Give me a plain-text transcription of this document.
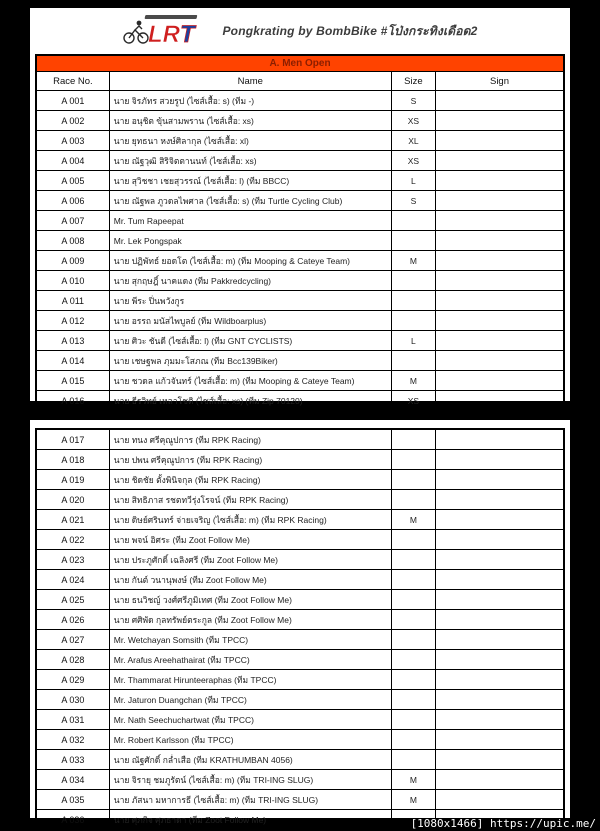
LR T Pongkrating by BombBike #โป่งกระทิงเดือด2
A. Men Open			
Race No.	Name	Size	Sign
A 001	นาย จิรภัทร สวยรูป (ไซส์เสื้อ: s) (ทีม -)	S	
A 002	นาย อนุชิต ขุ้นสามพราน (ไซส์เสื้อ: xs)	XS	
A 003	นาย ยุทธนา หงษ์ศิลากุล (ไซส์เสื้อ: xl)	XL	
A 004	นาย ณัฐวุฒิ สิริจิตตานนท์ (ไซส์เสื้อ: xs)	XS	
A 005	นาย สุวิชชา เชยสุวรรณ์ (ไซส์เสื้อ: l) (ทีม BBCC)	L	
A 006	นาย ณัฐพล ภูวดลไพศาล (ไซส์เสื้อ: s) (ทีม Turtle Cycling Club)	S	
A 007	Mr. Tum Rapeepat		
A 008	Mr. Lek Pongspak		
A 009	นาย ปฏิพัทธ์ ยอดโต (ไซส์เสื้อ: m) (ทีม Mooping & Cateye Team)	M	
A 010	นาย สุกฤษฎิ์ นาคแดง (ทีม Pakkredcycling)		
A 011	นาย พีระ ปิ่นพวังกูร		
A 012	นาย อรรถ มนัสไพบูลย์ (ทีม Wildboarplus)		
A 013	นาย ศิวะ ชันดี (ไซส์เสื้อ: l) (ทีม GNT CYCLISTS)	L	
A 014	นาย เชษฐพล ภุมมะโสภณ (ทีม Bcc139Biker)		
A 015	นาย ชวดล แก้วจันทร์ (ไซส์เสื้อ: m) (ทีม Mooping & Cateye Team)	M	
A 016	นาย ธีรวิทย์ เหลาโชติ (ไซส์เสื้อ: xs) (ทีม Zip 70120)	XS	
A 017	นาย ทนง ศรีคุณูปการ (ทีม RPK Racing)		
A 018	นาย ปพน ศรีคุณูปการ (ทีม RPK Racing)		
A 019	นาย ชิดชัย ตั้งพินิจกุล (ทีม RPK Racing)		
A 020	นาย สิทธิภาส รชตทวีรุ่งโรจน์ (ทีม RPK Racing)		
A 021	นาย ดิษย์ศรินทร์ จ่ายเจริญ (ไซส์เสื้อ: m) (ทีม RPK Racing)	M	
A 022	นาย พจน์ อิศระ (ทีม Zoot Follow Me)		
A 023	นาย ประภูศักดิ์ เฉลิงศรี (ทีม Zoot Follow Me)		
A 024	นาย กันต์ วนานุพงษ์ (ทีม Zoot Follow Me)		
A 025	นาย ธนวิชญ์ วงศ์ศรีภูมิเทศ (ทีม Zoot Follow Me)		
A 026	นาย ศศิพัด กุลทรัพย์ตระกูล (ทีม Zoot Follow Me)		
A 027	Mr. Wetchayan Somsith (ทีม TPCC)		
A 028	Mr. Arafus Areehathairat (ทีม TPCC)		
A 029	Mr. Thammarat Hirunteeraphas (ทีม TPCC)		
A 030	Mr. Jaturon Duangchan (ทีม TPCC)		
A 031	Mr. Nath Seechuchartwat (ทีม TPCC)		
A 032	Mr. Robert Karlsson (ทีม TPCC)		
A 033	นาย ณัฐศักดิ์ กล่ำเสือ (ทีม KRATHUMBAN 4056)		
A 034	นาย จิรายุ ชมภูรัตน์ (ไซส์เสื้อ: m) (ทีม TRI-ING SLUG)	M	
A 035	นาย ภัสนา มหาการธี (ไซส์เสื้อ: m) (ทีม TRI-ING SLUG)	M	
A 036	นาย ศุภกิจ ศุภธาดา (ทีม Zoot Follow Me)			[1080x1466] https://upic.me/
